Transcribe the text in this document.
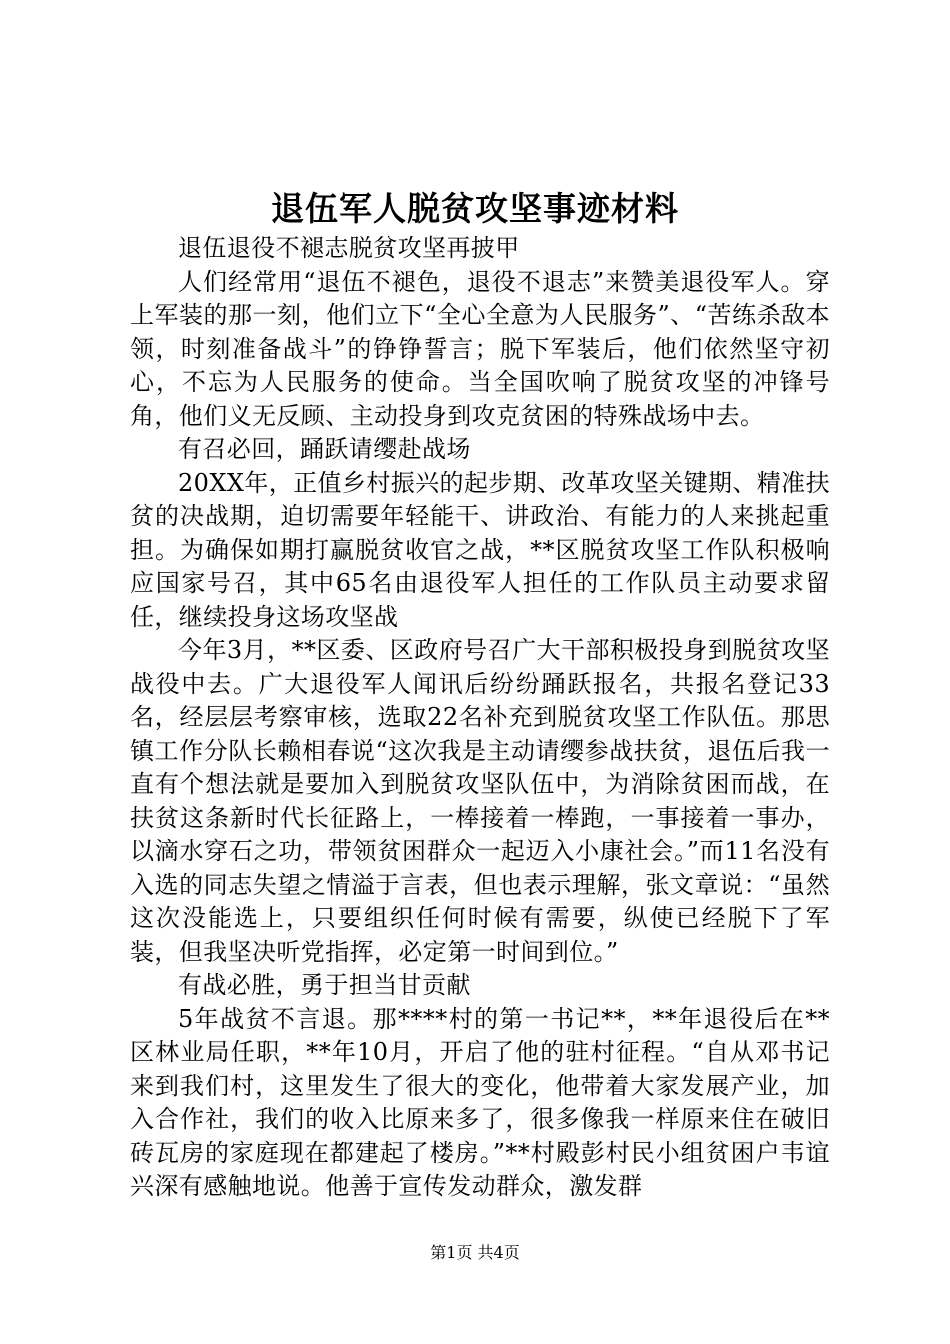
退伍军人脱贫攻坚事迹材料

退伍退役不褪志脱贫攻坚再披甲

人们经常用“退伍不褪色，退役不退志”来赞美退役军人。穿上军装的那一刻，他们立下“全心全意为人民服务”、“苦练杀敌本领，时刻准备战斗”的铮铮誓言；脱下军装后，他们依然坚守初心，不忘为人民服务的使命。当全国吹响了脱贫攻坚的冲锋号角，他们义无反顾、主动投身到攻克贫困的特殊战场中去。

有召必回，踊跃请缨赴战场

20XX年，正值乡村振兴的起步期、改革攻坚关键期、精准扶贫的决战期，迫切需要年轻能干、讲政治、有能力的人来挑起重担。为确保如期打赢脱贫收官之战，**区脱贫攻坚工作队积极响应国家号召，其中65名由退役军人担任的工作队员主动要求留任，继续投身这场攻坚战

今年3月，**区委、区政府号召广大干部积极投身到脱贫攻坚战役中去。广大退役军人闻讯后纷纷踊跃报名，共报名登记33名，经层层考察审核，选取22名补充到脱贫攻坚工作队伍。那思镇工作分队长赖相春说“这次我是主动请缨参战扶贫，退伍后我一直有个想法就是要加入到脱贫攻坚队伍中，为消除贫困而战，在扶贫这条新时代长征路上，一棒接着一棒跑，一事接着一事办，以滴水穿石之功，带领贫困群众一起迈入小康社会。”而11名没有入选的同志失望之情溢于言表，但也表示理解，张文章说：“虽然这次没能选上，只要组织任何时候有需要，纵使已经脱下了军装，但我坚决听党指挥，必定第一时间到位。”

有战必胜，勇于担当甘贡献

5年战贫不言退。那****村的第一书记**，**年退役后在**区林业局任职，**年10月，开启了他的驻村征程。“自从邓书记来到我们村，这里发生了很大的变化，他带着大家发展产业，加入合作社，我们的收入比原来多了，很多像我一样原来住在破旧砖瓦房的家庭现在都建起了楼房。”**村殿彭村民小组贫困户韦谊兴深有感触地说。他善于宣传发动群众，激发群

第1页 共4页
